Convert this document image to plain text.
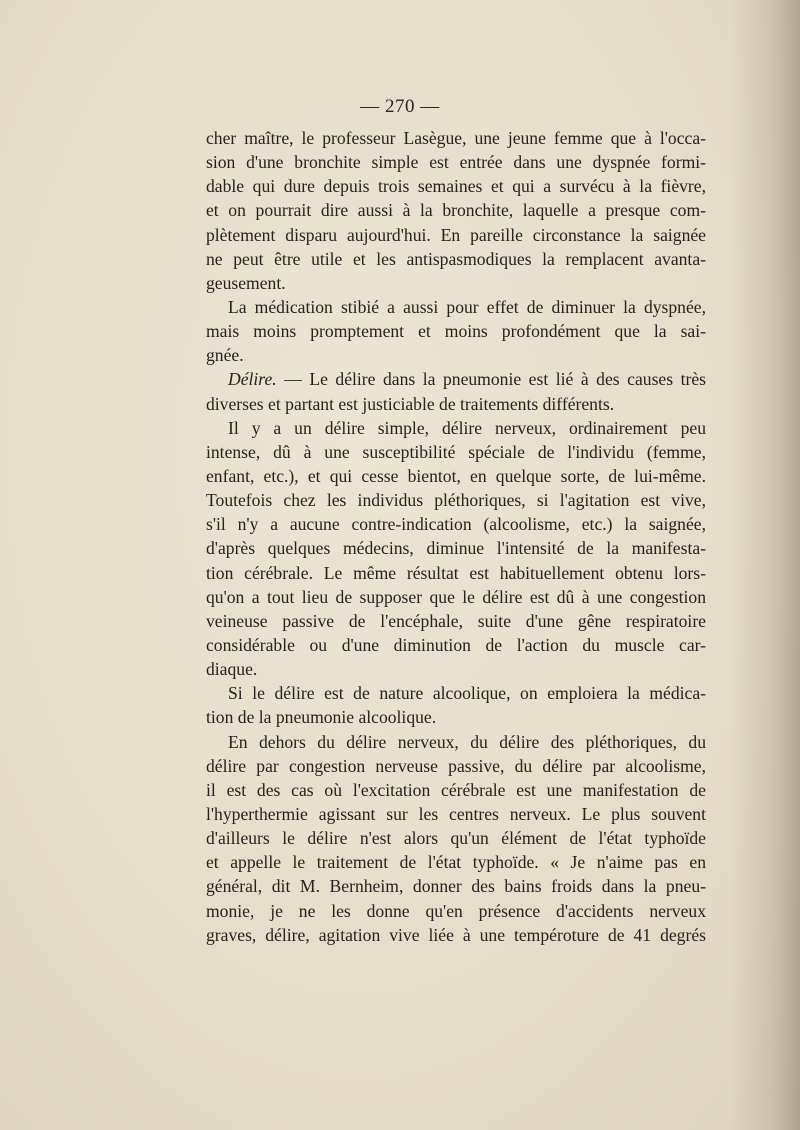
— 270 —
cher maître, le professeur Lasègue, une jeune femme que à l'occa-
sion d'une bronchite simple est entrée dans une dyspnée formi-
dable qui dure depuis trois semaines et qui a survécu à la fièvre,
et on pourrait dire aussi à la bronchite, laquelle a presque com-
plètement disparu aujourd'hui. En pareille circonstance la saignée
ne peut être utile et les antispasmodiques la remplacent avanta-
geusement.
La médication stibié a aussi pour effet de diminuer la dyspnée,
mais moins promptement et moins profondément que la sai-
gnée.
Délire. — Le délire dans la pneumonie est lié à des causes très
diverses et partant est justiciable de traitements différents.
Il y a un délire simple, délire nerveux, ordinairement peu
intense, dû à une susceptibilité spéciale de l'individu (femme,
enfant, etc.), et qui cesse bientot, en quelque sorte, de lui-même.
Toutefois chez les individus pléthoriques, si l'agitation est vive,
s'il n'y a aucune contre-indication (alcoolisme, etc.) la saignée,
d'après quelques médecins, diminue l'intensité de la manifesta-
tion cérébrale. Le même résultat est habituellement obtenu lors-
qu'on a tout lieu de supposer que le délire est dû à une congestion
veineuse passive de l'encéphale, suite d'une gêne respiratoire
considérable ou d'une diminution de l'action du muscle car-
diaque.
Si le délire est de nature alcoolique, on emploiera la médica-
tion de la pneumonie alcoolique.
En dehors du délire nerveux, du délire des pléthoriques, du
délire par congestion nerveuse passive, du délire par alcoolisme,
il est des cas où l'excitation cérébrale est une manifestation de
l'hyperthermie agissant sur les centres nerveux. Le plus souvent
d'ailleurs le délire n'est alors qu'un élément de l'état typhoïde
et appelle le traitement de l'état typhoïde. « Je n'aime pas en
général, dit M. Bernheim, donner des bains froids dans la pneu-
monie, je ne les donne qu'en présence d'accidents nerveux
graves, délire, agitation vive liée à une tempéroture de 41 degrés
